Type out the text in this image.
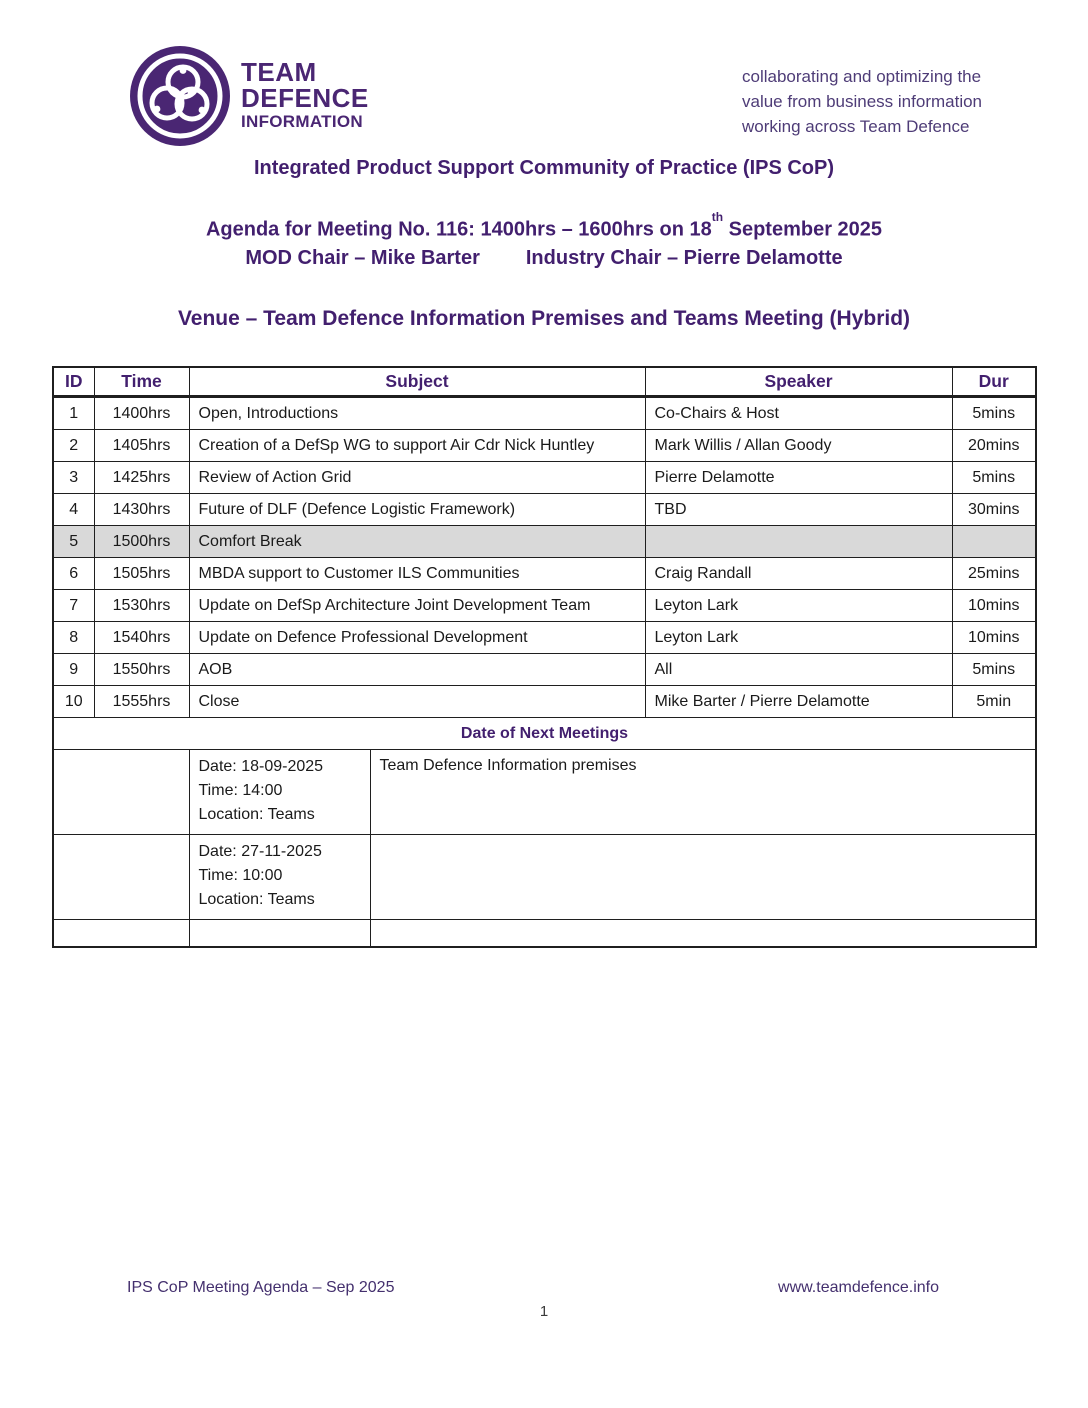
TEAM
DEFENCE
INFORMATION
collaborating and optimizing the
value from business information
working across Team Defence
Integrated Product Support Community of Practice (IPS CoP)
Agenda for Meeting No. 116: 1400hrs – 1600hrs on 18th September 2025
MOD Chair – Mike Barter Industry Chair – Pierre Delamotte
Venue – Team Defence Information Premises and Teams Meeting (Hybrid)
ID	Time	Subject		Speaker	Dur
1	1400hrs	Open, Introductions		Co-Chairs & Host	5mins
2	1405hrs	Creation of a DefSp WG to support Air Cdr Nick Huntley		Mark Willis / Allan Goody	20mins
3	1425hrs	Review of Action Grid		Pierre Delamotte	5mins
4	1430hrs	Future of DLF (Defence Logistic Framework)		TBD	30mins
5	1500hrs	Comfort Break			
6	1505hrs	MBDA support to Customer ILS Communities		Craig Randall	25mins
7	1530hrs	Update on DefSp Architecture Joint Development Team		Leyton Lark	10mins
8	1540hrs	Update on Defence Professional Development		Leyton Lark	10mins
9	1550hrs	AOB		All	5mins
10	1555hrs	Close		Mike Barter / Pierre Delamotte	5min
Date of Next Meetings					

		Date: 18-09-2025
Time: 14:00
Location: Teams	Team Defence Information premises		

		Date: 27-11-2025
Time: 10:00
Location: Teams			

IPS CoP Meeting Agenda – Sep 2025	www.teamdefence.info
1
